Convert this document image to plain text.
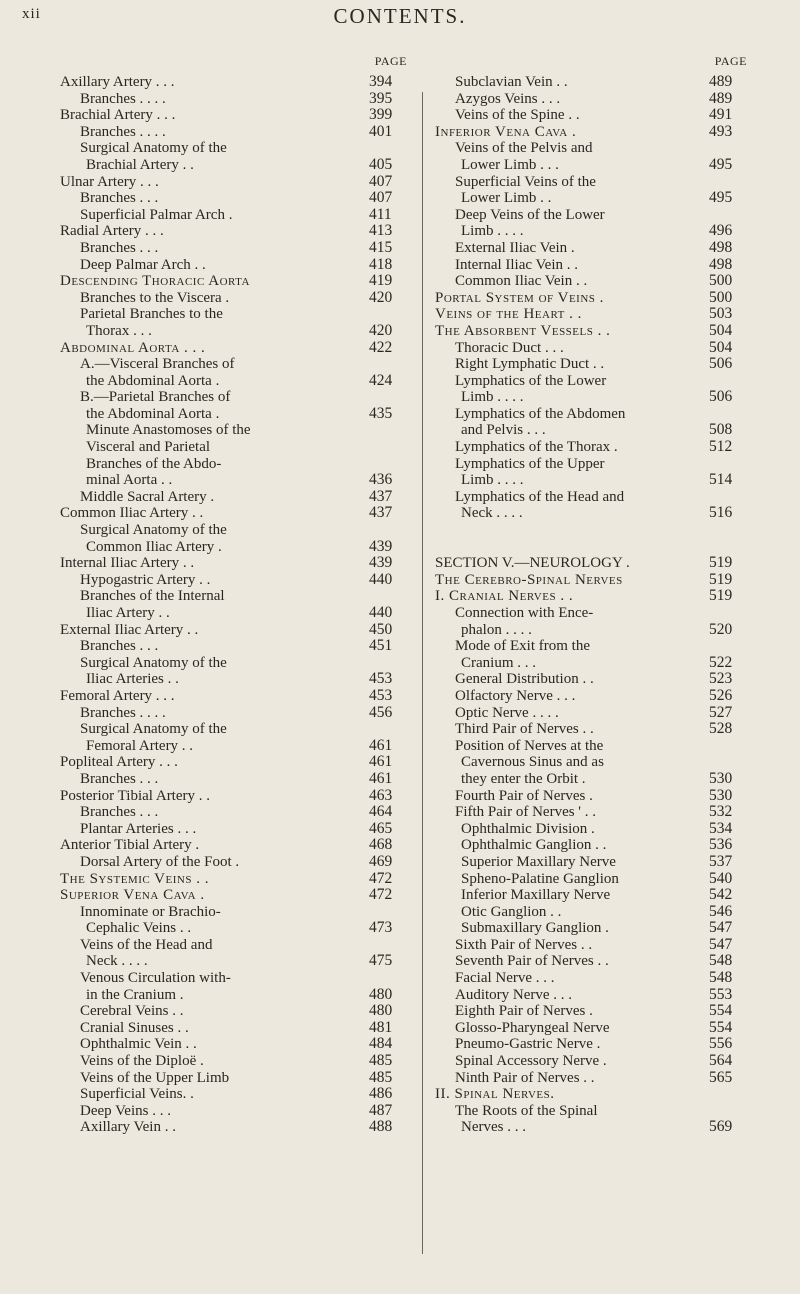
xii	CONTENTS.
PAGE
Axillary Artery . . .	394
Branches . . . .	395
Brachial Artery . . .	399
Branches . . . .	401
Surgical Anatomy of the
Brachial Artery . .	405
Ulnar Artery . . .	407
Branches . . .	407
Superficial Palmar Arch .	411
Radial Artery . . .	413
Branches . . .	415
Deep Palmar Arch . .	418
Descending Thoracic Aorta	419
Branches to the Viscera .	420
Parietal Branches to the
Thorax . . .	420
Abdominal Aorta . . .	422
A.—Visceral Branches of
the Abdominal Aorta .	424
B.—Parietal Branches of
the Abdominal Aorta .	435
Minute Anastomoses of the
Visceral and Parietal
Branches of the Abdo-
minal Aorta . .	436
Middle Sacral Artery .	437
Common Iliac Artery . .	437
Surgical Anatomy of the
Common Iliac Artery .	439
Internal Iliac Artery . .	439
Hypogastric Artery . .	440
Branches of the Internal
Iliac Artery . .	440
External Iliac Artery . .	450
Branches . . .	451
Surgical Anatomy of the
Iliac Arteries . .	453
Femoral Artery . . .	453
Branches . . . .	456
Surgical Anatomy of the
Femoral Artery . .	461
Popliteal Artery . . .	461
Branches . . .	461
Posterior Tibial Artery . .	463
Branches . . .	464
Plantar Arteries . . .	465
Anterior Tibial Artery .	468
Dorsal Artery of the Foot .	469
The Systemic Veins . .	472
Superior Vena Cava .	472
Innominate or Brachio-
Cephalic Veins . .	473
Veins of the Head and
Neck . . . .	475
Venous Circulation with-
in the Cranium .	480
Cerebral Veins . .	480
Cranial Sinuses . .	481
Ophthalmic Vein . .	484
Veins of the Diploë .	485
Veins of the Upper Limb	485
Superficial Veins. .	486
Deep Veins . . .	487
Axillary Vein . .	488
PAGE
Subclavian Vein . .	489
Azygos Veins . . .	489
Veins of the Spine . .	491
Inferior Vena Cava .	493
Veins of the Pelvis and
Lower Limb . . .	495
Superficial Veins of the
Lower Limb . .	495
Deep Veins of the Lower
Limb . . . .	496
External Iliac Vein .	498
Internal Iliac Vein . .	498
Common Iliac Vein . .	500
Portal System of Veins .	500
Veins of the Heart . .	503
The Absorbent Vessels . .	504
Thoracic Duct . . .	504
Right Lymphatic Duct . .	506
Lymphatics of the Lower
Limb . . . .	506
Lymphatics of the Abdomen
and Pelvis . . .	508
Lymphatics of the Thorax .	512
Lymphatics of the Upper
Limb . . . .	514
Lymphatics of the Head and
Neck . . . .	516
SECTION V.—NEUROLOGY .	519
The Cerebro-Spinal Nerves	519
I. Cranial Nerves . .	519
Connection with Ence-
phalon . . . .	520
Mode of Exit from the
Cranium . . .	522
General Distribution . .	523
Olfactory Nerve . . .	526
Optic Nerve . . . .	527
Third Pair of Nerves . .	528
Position of Nerves at the
Cavernous Sinus and as
they enter the Orbit .	530
Fourth Pair of Nerves .	530
Fifth Pair of Nerves ' . .	532
Ophthalmic Division .	534
Ophthalmic Ganglion . .	536
Superior Maxillary Nerve	537
Spheno-Palatine Ganglion	540
Inferior Maxillary Nerve	542
Otic Ganglion . .	546
Submaxillary Ganglion .	547
Sixth Pair of Nerves . .	547
Seventh Pair of Nerves . .	548
Facial Nerve . . .	548
Auditory Nerve . . .	553
Eighth Pair of Nerves .	554
Glosso-Pharyngeal Nerve	554
Pneumo-Gastric Nerve .	556
Spinal Accessory Nerve .	564
Ninth Pair of Nerves . .	565
II. Spinal Nerves.
The Roots of the Spinal
Nerves . . .	569
